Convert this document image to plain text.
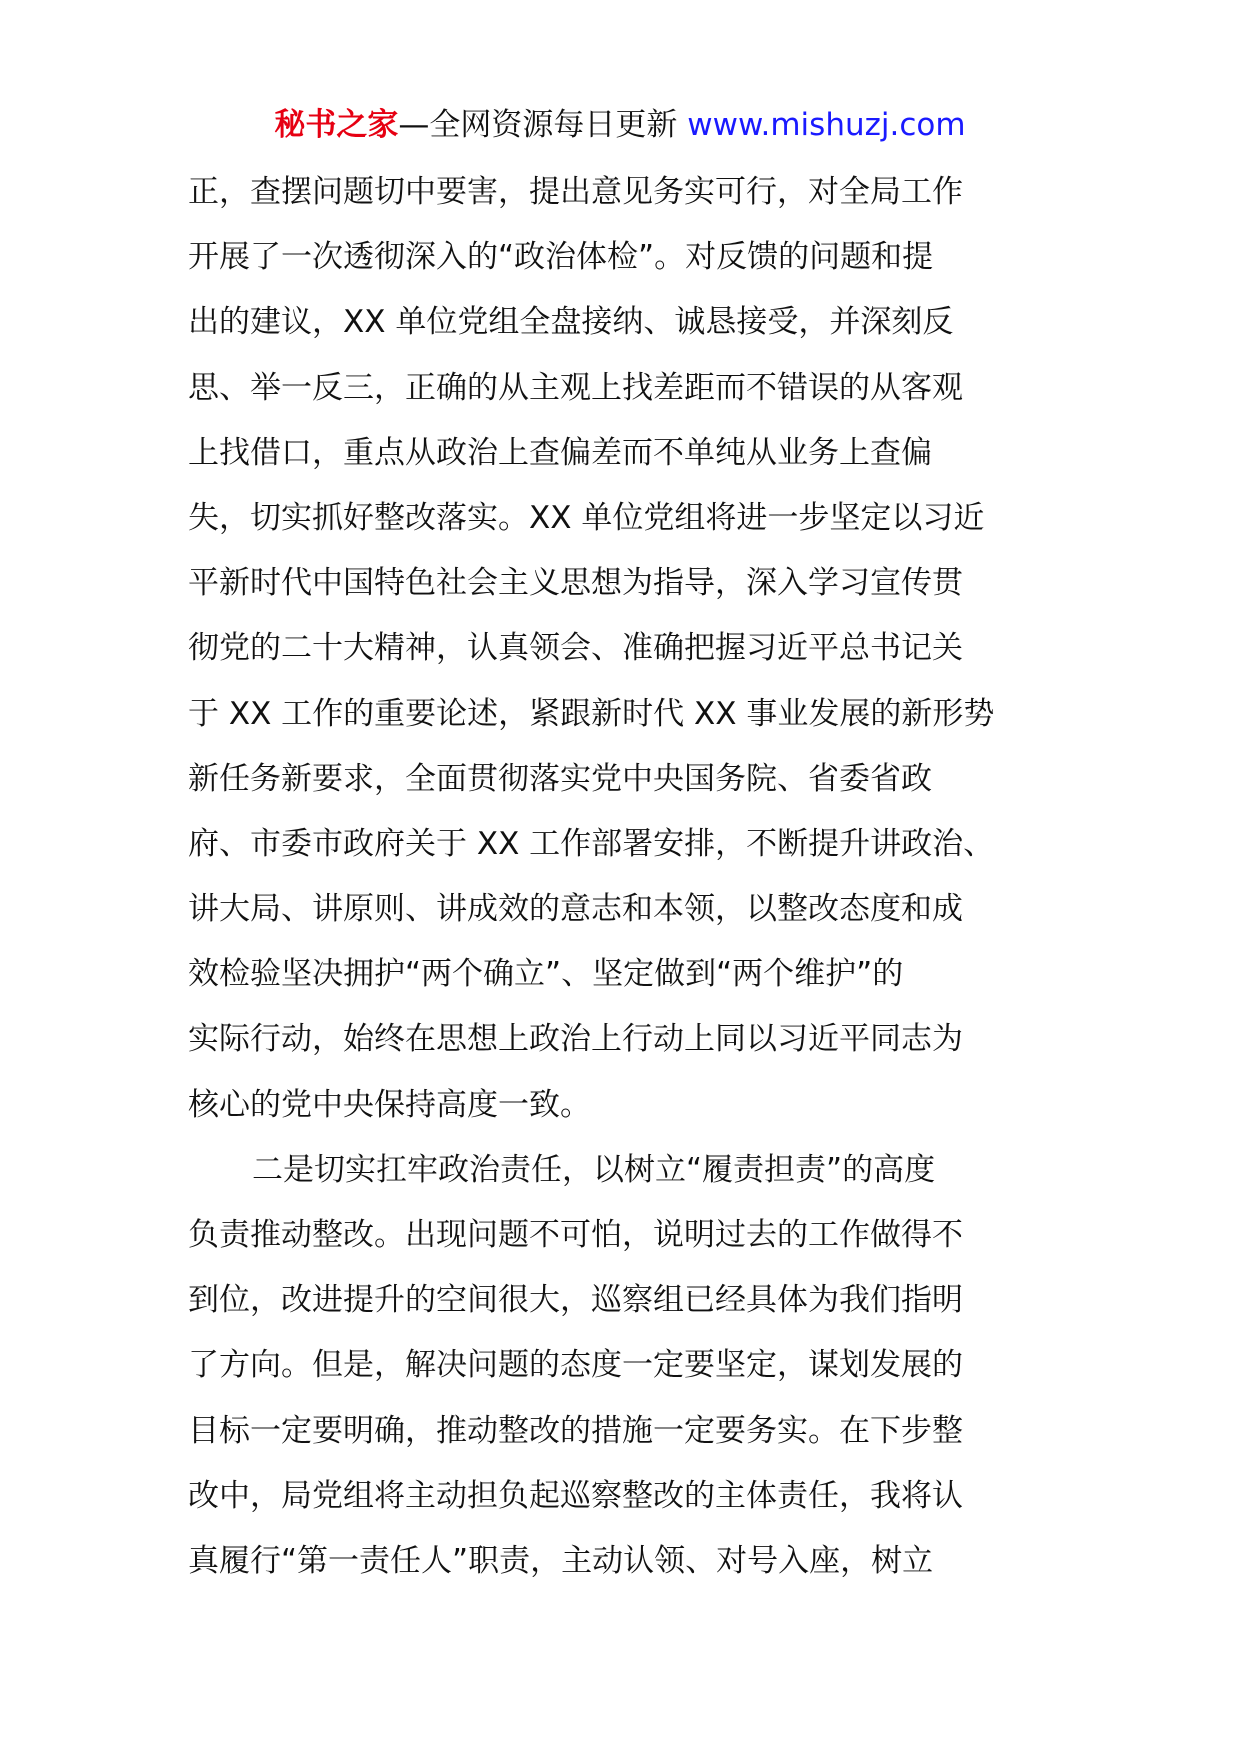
秘书之家—全网资源每日更新 www.mishuzj.com
正，查摆问题切中要害，提出意见务实可行，对全局工作
开展了一次透彻深入的“政治体检”。对反馈的问题和提
出的建议，XX 单位党组全盘接纳、诚恳接受，并深刻反
思、举一反三，正确的从主观上找差距而不错误的从客观
上找借口，重点从政治上查偏差而不单纯从业务上查偏
失，切实抓好整改落实。XX 单位党组将进一步坚定以习近
平新时代中国特色社会主义思想为指导，深入学习宣传贯
彻党的二十大精神，认真领会、准确把握习近平总书记关
于 XX 工作的重要论述，紧跟新时代 XX 事业发展的新形势
新任务新要求，全面贯彻落实党中央国务院、省委省政
府、市委市政府关于 XX 工作部署安排，不断提升讲政治、
讲大局、讲原则、讲成效的意志和本领，以整改态度和成
效检验坚决拥护“两个确立”、坚定做到“两个维护”的
实际行动，始终在思想上政治上行动上同以习近平同志为
核心的党中央保持高度一致。
二是切实扛牢政治责任，以树立“履责担责”的高度
负责推动整改。出现问题不可怕，说明过去的工作做得不
到位，改进提升的空间很大，巡察组已经具体为我们指明
了方向。但是，解决问题的态度一定要坚定，谋划发展的
目标一定要明确，推动整改的措施一定要务实。在下步整
改中，局党组将主动担负起巡察整改的主体责任，我将认
真履行“第一责任人”职责，主动认领、对号入座，树立
